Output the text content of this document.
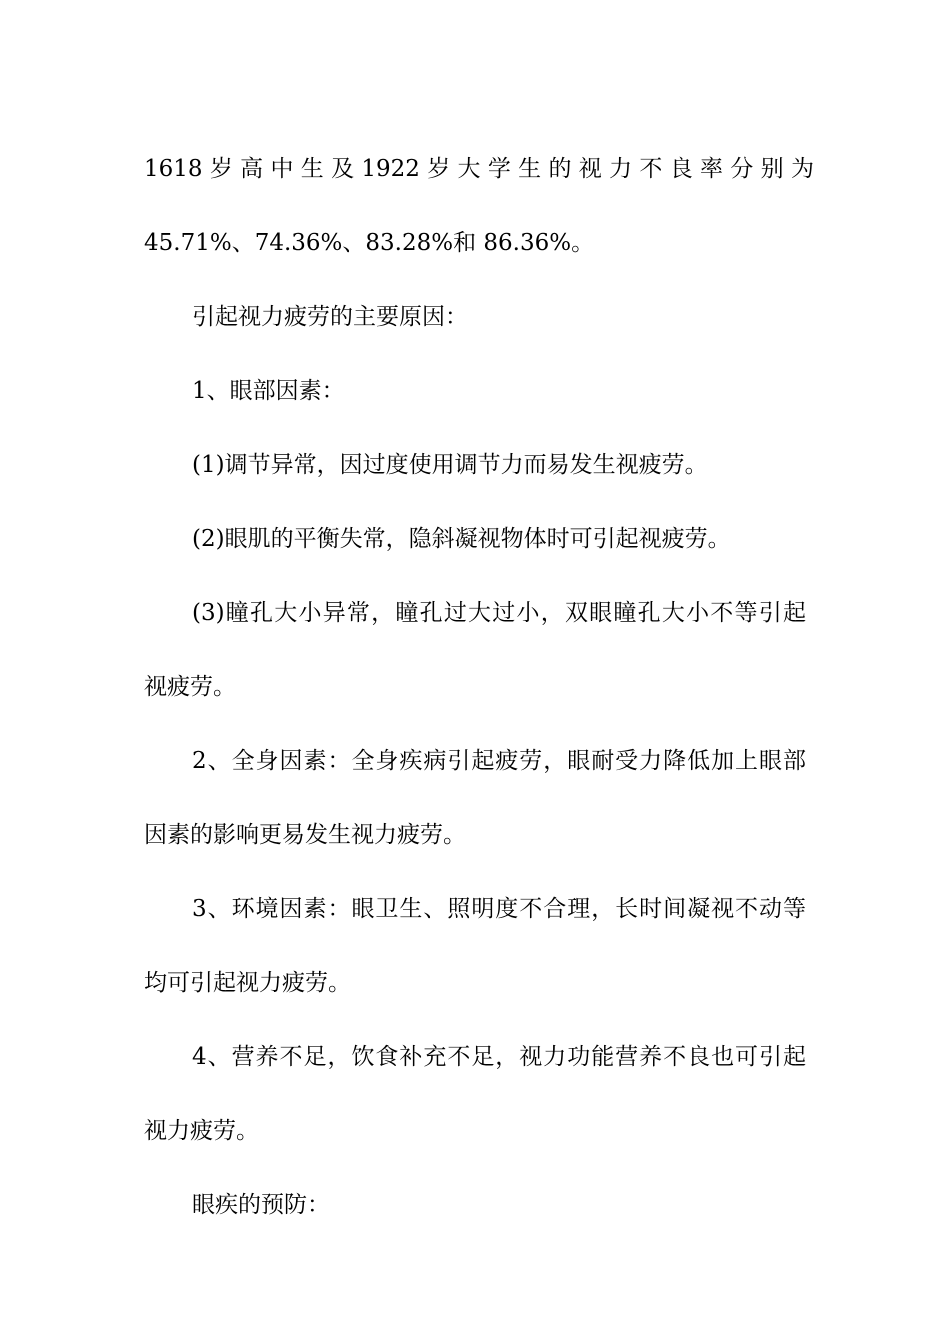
1618 岁 高 中 生 及 1922 岁 大 学 生 的 视 力 不 良 率 分 别 为
45.71%、74.36%、83.28%和 86.36%。
引起视力疲劳的主要原因：
1、眼部因素：
(1)调节异常，因过度使用调节力而易发生视疲劳。
(2)眼肌的平衡失常，隐斜凝视物体时可引起视疲劳。
(3)瞳孔大小异常，瞳孔过大过小，双眼瞳孔大小不等引起
视疲劳。
2、全身因素：全身疾病引起疲劳，眼耐受力降低加上眼部
因素的影响更易发生视力疲劳。
3、环境因素：眼卫生、照明度不合理，长时间凝视不动等
均可引起视力疲劳。
4、营养不足，饮食补充不足，视力功能营养不良也可引起
视力疲劳。
眼疾的预防：
